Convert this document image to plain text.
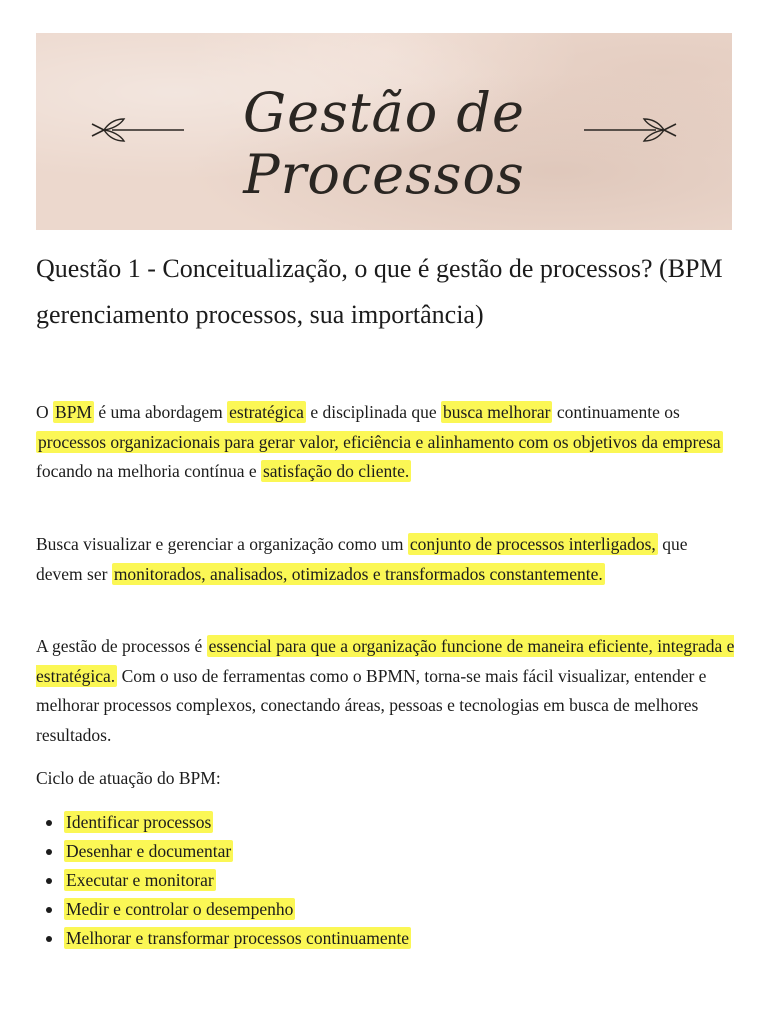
Gestão de
Processos
Questão 1 - Conceitualização, o que é gestão de processos? (BPM gerenciamento processos, sua importância)

O BPM é uma abordagem estratégica e disciplinada que busca melhorar continuamente os processos organizacionais para gerar valor, eficiência e alinhamento com os objetivos da empresa focando na melhoria contínua e satisfação do cliente.

Busca visualizar e gerenciar a organização como um conjunto de processos interligados, que devem ser monitorados, analisados, otimizados e transformados constantemente.

A gestão de processos é essencial para que a organização funcione de maneira eficiente, integrada e estratégica. Com o uso de ferramentas como o BPMN, torna-se mais fácil visualizar, entender e melhorar processos complexos, conectando áreas, pessoas e tecnologias em busca de melhores resultados.

Ciclo de atuação do BPM:

Identificar processos
Desenhar e documentar
Executar e monitorar
Medir e controlar o desempenho
Melhorar e transformar processos continuamente
